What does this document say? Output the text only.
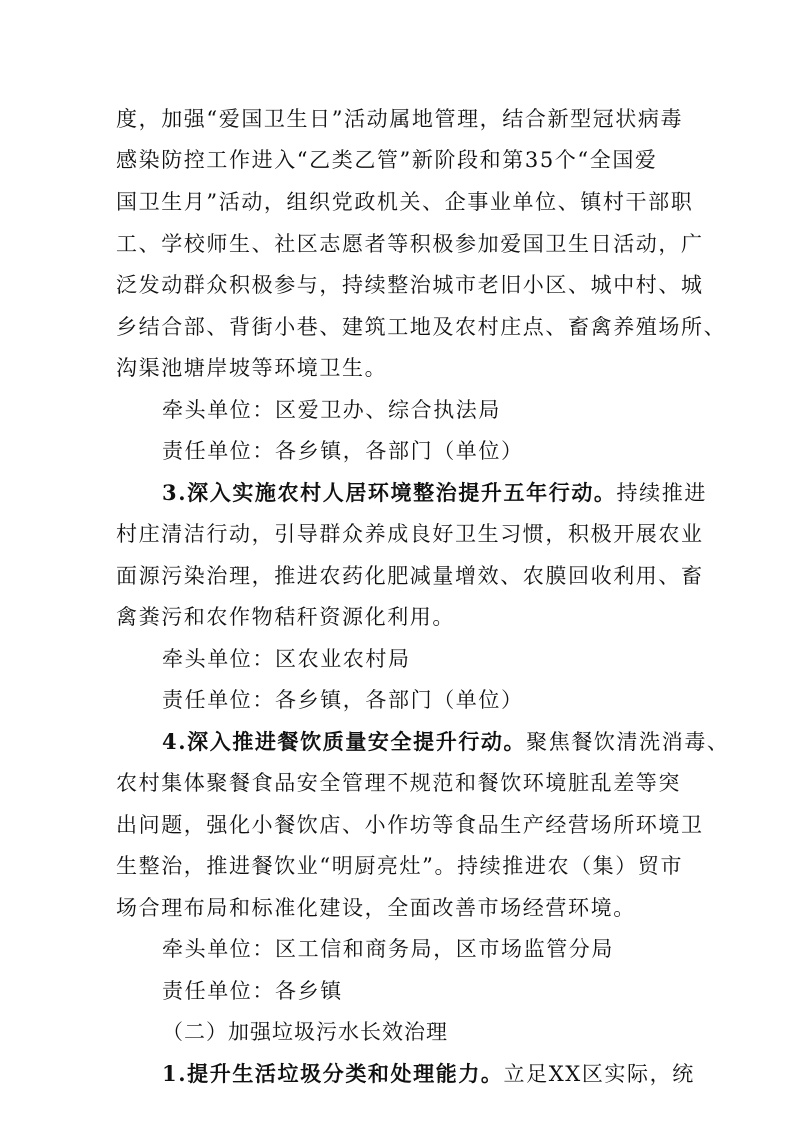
度，加强“爱国卫生日”活动属地管理，结合新型冠状病毒
感染防控工作进入“乙类乙管”新阶段和第35个“全国爱
国卫生月”活动，组织党政机关、企事业单位、镇村干部职
工、学校师生、社区志愿者等积极参加爱国卫生日活动，广
泛发动群众积极参与，持续整治城市老旧小区、城中村、城
乡结合部、背街小巷、建筑工地及农村庄点、畜禽养殖场所、
沟渠池塘岸坡等环境卫生。
牵头单位：区爱卫办、综合执法局
责任单位：各乡镇，各部门（单位）
3.深入实施农村人居环境整治提升五年行动。持续推进
村庄清洁行动，引导群众养成良好卫生习惯，积极开展农业
面源污染治理，推进农药化肥减量增效、农膜回收利用、畜
禽粪污和农作物秸秆资源化利用。
牵头单位：区农业农村局
责任单位：各乡镇，各部门（单位）
4.深入推进餐饮质量安全提升行动。聚焦餐饮清洗消毒、
农村集体聚餐食品安全管理不规范和餐饮环境脏乱差等突
出问题，强化小餐饮店、小作坊等食品生产经营场所环境卫
生整治，推进餐饮业“明厨亮灶”。持续推进农（集）贸市
场合理布局和标准化建设，全面改善市场经营环境。
牵头单位：区工信和商务局，区市场监管分局
责任单位：各乡镇
（二）加强垃圾污水长效治理
1.提升生活垃圾分类和处理能力。立足XX区实际，统
